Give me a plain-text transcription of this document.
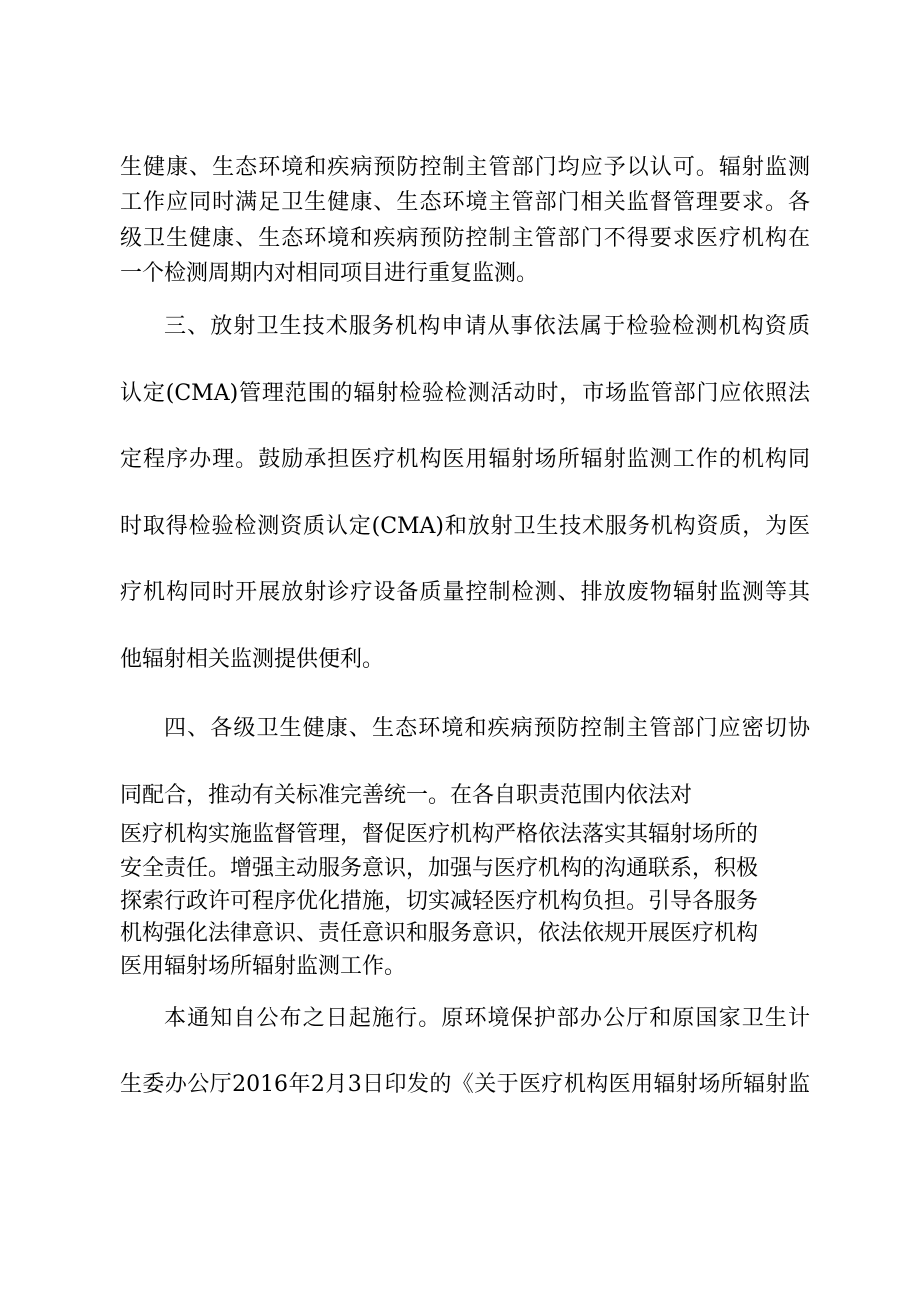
生健康、生态环境和疾病预防控制主管部门均应予以认可。辐射监测
工作应同时满足卫生健康、生态环境主管部门相关监督管理要求。各
级卫生健康、生态环境和疾病预防控制主管部门不得要求医疗机构在
一个检测周期内对相同项目进行重复监测。
三、放射卫生技术服务机构申请从事依法属于检验检测机构资质
认定(CMA)管理范围的辐射检验检测活动时，市场监管部门应依照法
定程序办理。鼓励承担医疗机构医用辐射场所辐射监测工作的机构同
时取得检验检测资质认定(CMA)和放射卫生技术服务机构资质，为医
疗机构同时开展放射诊疗设备质量控制检测、排放废物辐射监测等其
他辐射相关监测提供便利。
四、各级卫生健康、生态环境和疾病预防控制主管部门应密切协
同配合，推动有关标准完善统一。在各自职责范围内依法对
医疗机构实施监督管理，督促医疗机构严格依法落实其辐射场所的
安全责任。增强主动服务意识，加强与医疗机构的沟通联系，积极
探索行政许可程序优化措施，切实减轻医疗机构负担。引导各服务
机构强化法律意识、责任意识和服务意识，依法依规开展医疗机构
医用辐射场所辐射监测工作。
本通知自公布之日起施行。原环境保护部办公厅和原国家卫生计
生委办公厅2016年2月3日印发的《关于医疗机构医用辐射场所辐射监
